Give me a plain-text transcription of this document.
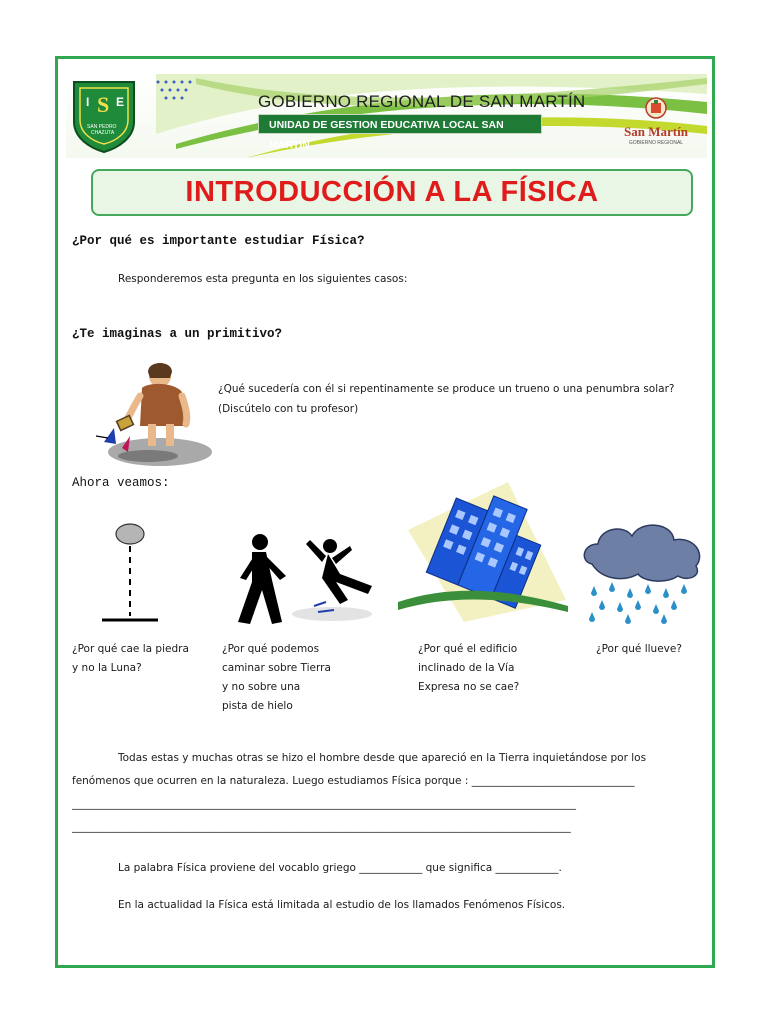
I E
S
SAN PEDRO
CHAZUTA
GOBIERNO REGIONAL DE SAN MARTÍN
UNIDAD DE GESTION EDUCATIVA LOCAL SAN MARTIN
San Martín
GOBIERNO REGIONAL
INTRODUCCIÓN A LA FÍSICA
¿Por qué es importante estudiar Física?
Responderemos esta pregunta en los siguientes casos:
¿Te imaginas a un primitivo?
¿Qué sucedería con él si repentinamente se produce un trueno o una penumbra solar?
(Discútelo con tu profesor)
Ahora veamos:
¿Por qué cae la piedra
y no la Luna?
¿Por qué podemos
caminar sobre Tierra
y no sobre una
pista de hielo
¿Por qué el edificio
inclinado de la Vía
Expresa no se cae?
¿Por qué llueve?
Todas estas y muchas otras se hizo el hombre desde que apareció en la Tierra inquietándose por los
fenómenos que ocurren en la naturaleza. Luego estudiamos Física porque : _______________________________
________________________________________________________________________________________________
_______________________________________________________________________________________________
La palabra Física proviene del vocablo griego ____________ que significa ____________.
En la actualidad la Física está limitada al estudio de los llamados Fenómenos Físicos.
